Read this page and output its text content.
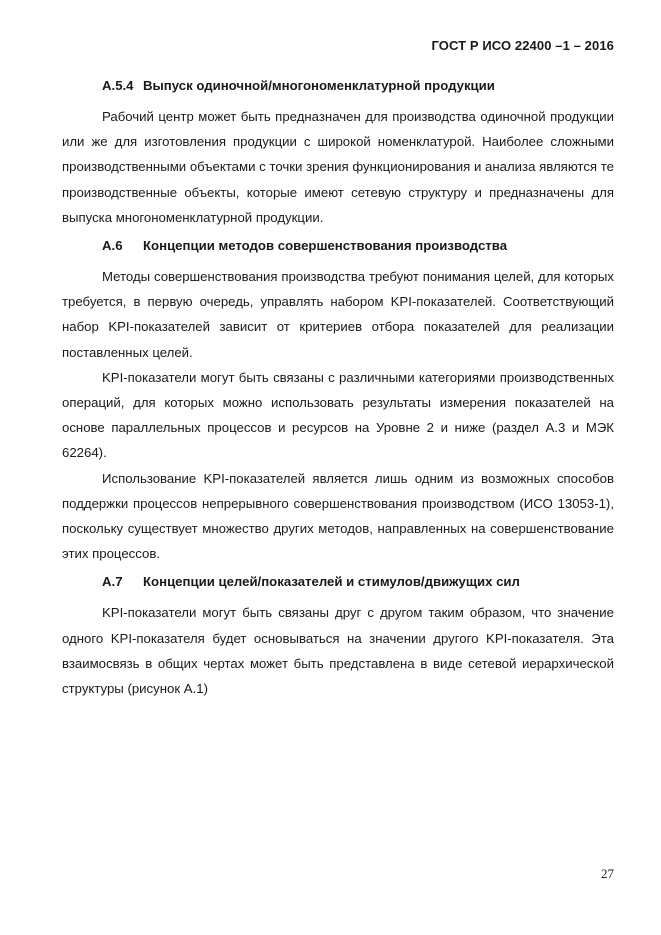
ГОСТ Р ИСО 22400 –1 – 2016
А.5.4 Выпуск одиночной/многономенклатурной продукции

Рабочий центр может быть предназначен для производства одиночной продукции или же для изготовления продукции с широкой номенклатурой. Наиболее сложными производственными объектами с точки зрения функционирования и анализа являются те производственные объекты, которые имеют сетевую структуру и предназначены для выпуска многономенклатурной продукции.

А.6 Концепции методов совершенствования производства

Методы совершенствования производства требуют понимания целей, для которых требуется, в первую очередь, управлять набором KPI-показателей. Соответствующий набор KPI-показателей зависит от критериев отбора показателей для реализации поставленных целей.

KPI-показатели могут быть связаны с различными категориями производственных операций, для которых можно использовать результаты измерения показателей на основе параллельных процессов и ресурсов на Уровне 2 и ниже (раздел А.3 и МЭК 62264).

Использование KPI-показателей является лишь одним из возможных способов поддержки процессов непрерывного совершенствования производством (ИСО 13053-1), поскольку существует множество других методов, направленных на совершенствование этих процессов.

А.7 Концепции целей/показателей и стимулов/движущих сил

KPI-показатели могут быть связаны друг с другом таким образом, что значение одного KPI-показателя будет основываться на значении другого KPI-показателя. Эта взаимосвязь в общих чертах может быть представлена в виде сетевой иерархической структуры (рисунок А.1)

27
